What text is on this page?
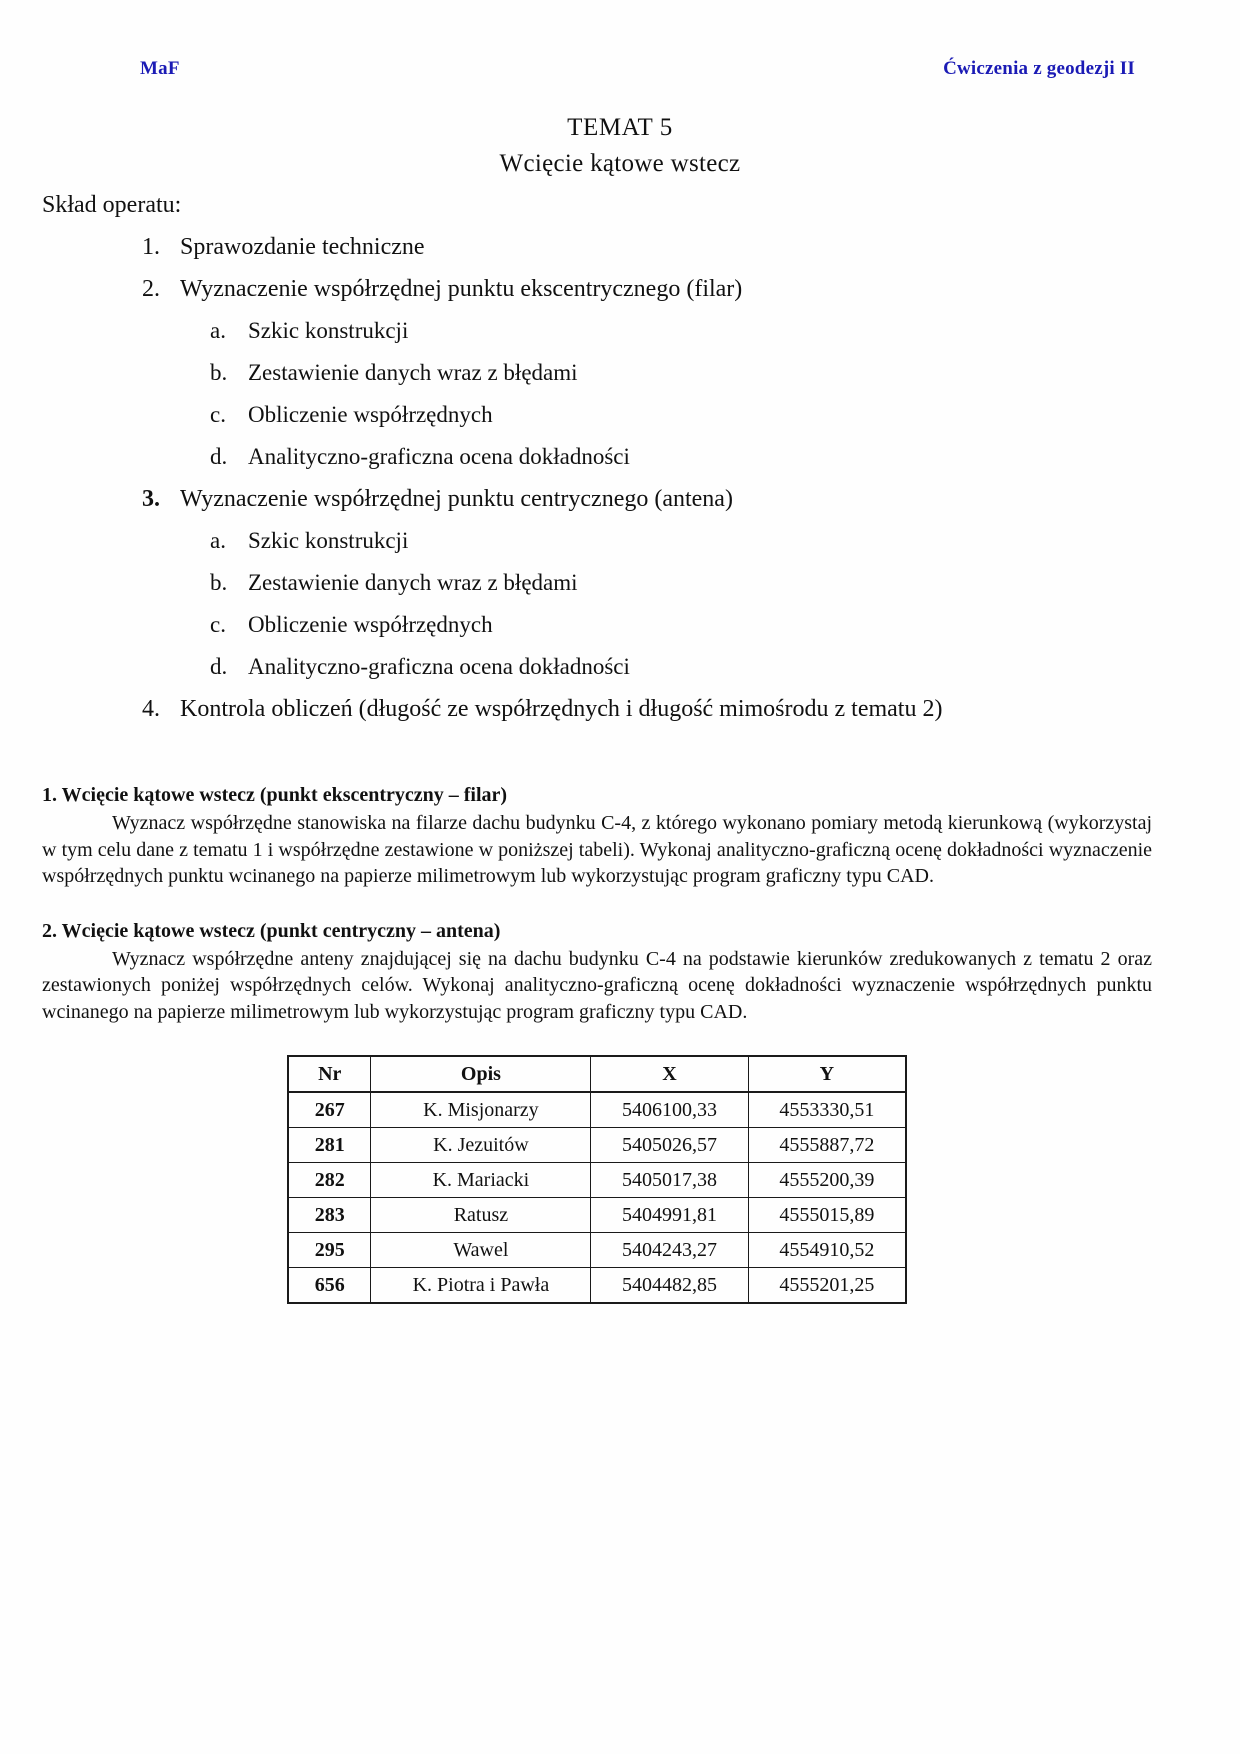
MaF	Ćwiczenia z geodezji II
TEMAT 5
Wcięcie kątowe wstecz

Skład operatu:

1. Sprawozdanie techniczne
2. Wyznaczenie współrzędnej punktu ekscentrycznego (filar)
a. Szkic konstrukcji
b. Zestawienie danych wraz z błędami
c. Obliczenie współrzędnych
d. Analityczno-graficzna ocena dokładności
3. Wyznaczenie współrzędnej punktu centrycznego (antena)
a. Szkic konstrukcji
b. Zestawienie danych wraz z błędami
c. Obliczenie współrzędnych
d. Analityczno-graficzna ocena dokładności
4. Kontrola obliczeń (długość ze współrzędnych i długość mimośrodu z tematu 2)
1. Wcięcie kątowe wstecz (punkt ekscentryczny – filar)

Wyznacz współrzędne stanowiska na filarze dachu budynku C-4, z którego wykonano pomiary metodą kierunkową (wykorzystaj w tym celu dane z tematu 1 i współrzędne zestawione w poniższej tabeli). Wykonaj analityczno-graficzną ocenę dokładności wyznaczenie współrzędnych punktu wcinanego na papierze milimetrowym lub wykorzystując program graficzny typu CAD.

2. Wcięcie kątowe wstecz (punkt centryczny – antena)

Wyznacz współrzędne anteny znajdującej się na dachu budynku C-4 na podstawie kierunków zredukowanych z tematu 2 oraz zestawionych poniżej współrzędnych celów. Wykonaj analityczno-graficzną ocenę dokładności wyznaczenie współrzędnych punktu wcinanego na papierze milimetrowym lub wykorzystując program graficzny typu CAD.

Nr	Opis	X	Y
267	K. Misjonarzy	5406100,33	4553330,51
281	K. Jezuitów	5405026,57	4555887,72
282	K. Mariacki	5405017,38	4555200,39
283	Ratusz	5404991,81	4555015,89
295	Wawel	5404243,27	4554910,52
656	K. Piotra i Pawła	5404482,85	4555201,25
